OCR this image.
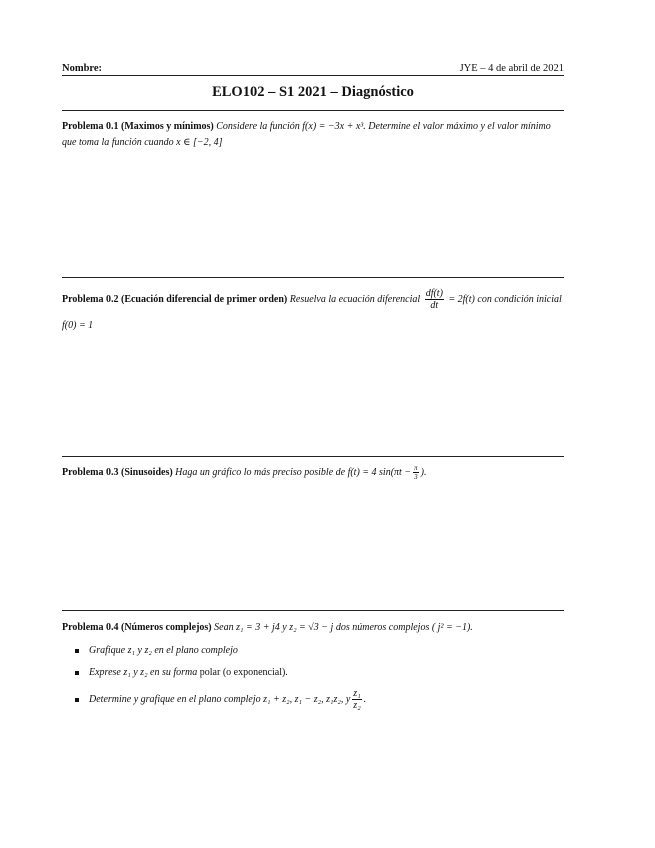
Nombre:	JYE – 4 de abril de 2021
ELO102 – S1 2021 – Diagnóstico
Problema 0.1 (Maximos y mínimos) Considere la función f(x) = −3x + x³. Determine el valor máximo y el valor mínimo que toma la función cuando x ∈ [−2, 4]
Problema 0.2 (Ecuación diferencial de primer orden) Resuelva la ecuación diferencial $\frac{df(t)}{dt} = 2f(t)$ con condición inicial f(0) = 1
Problema 0.3 (Sinusoides) Haga un gráfico lo más preciso posible de f(t) = 4 $\sin(\pi t - \frac{\pi}{3}$ ).
Problema 0.4 (Números complejos) Sean z₁ = 3 + j4 y z₂ = √3 − j dos números complejos ( j² = −1).
Grafique z₁ y z₂ en el plano complejo
Exprese z₁ y z₂ en su forma polar (o exponencial).
Determine y grafique en el plano complejo z₁ + z₂, z₁ − z₂, z₁z₂, y $\frac{\text{z₁}}{\text{z₂}}$ .
